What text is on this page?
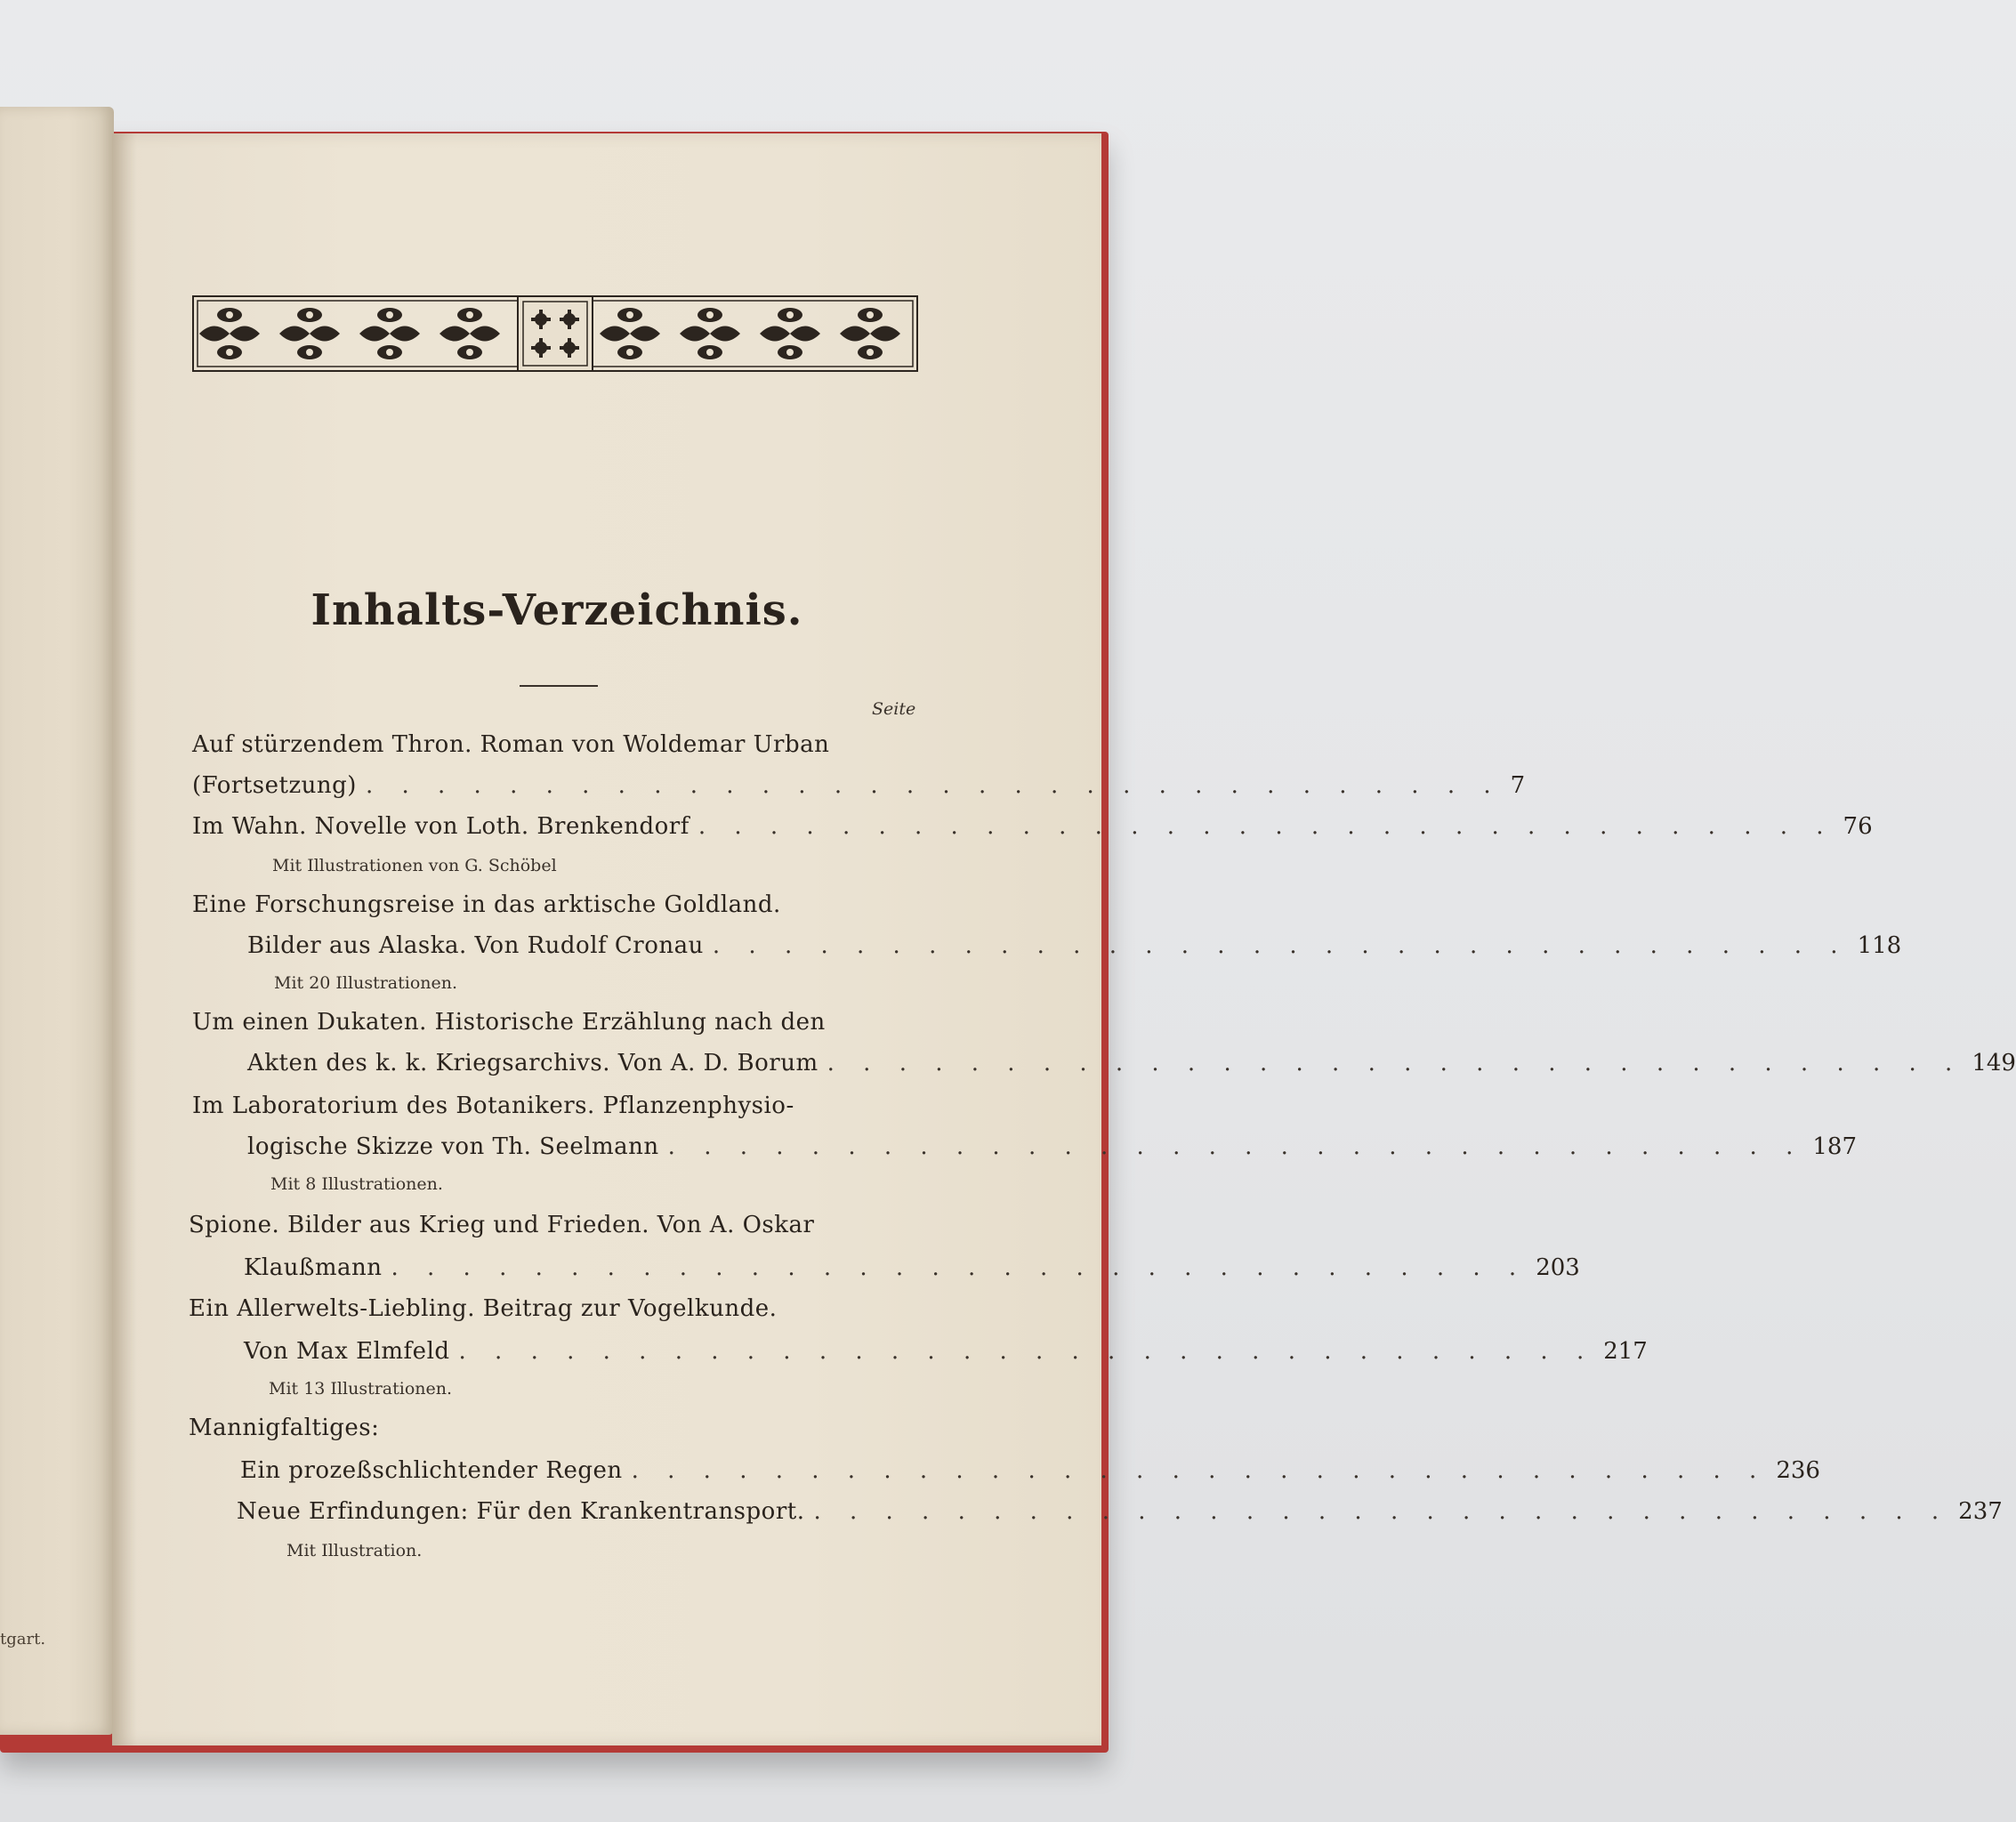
tgart.
Inhalts-Verzeichnis.
Seite
Auf stürzendem Thron. Roman von Woldemar Urban
(Fortsetzung) . . . . . . . . . . . . . . . . . . . . . . . . . . . . . . . . 7
Im Wahn. Novelle von Loth. Brenkendorf . . . . . . . . . . . . . . . . . . . . . . . . . . . . . . . . 76
Mit Illustrationen von G. Schöbel
Eine Forschungsreise in das arktische Goldland.
Bilder aus Alaska. Von Rudolf Cronau . . . . . . . . . . . . . . . . . . . . . . . . . . . . . . . . 118
Mit 20 Illustrationen.
Um einen Dukaten. Historische Erzählung nach den
Akten des k. k. Kriegsarchivs. Von A. D. Borum . . . . . . . . . . . . . . . . . . . . . . . . . . . . . . . . 149
Im Laboratorium des Botanikers. Pflanzenphysio-
logische Skizze von Th. Seelmann . . . . . . . . . . . . . . . . . . . . . . . . . . . . . . . . 187
Mit 8 Illustrationen.
Spione. Bilder aus Krieg und Frieden. Von A. Oskar
Klaußmann . . . . . . . . . . . . . . . . . . . . . . . . . . . . . . . . 203
Ein Allerwelts-Liebling. Beitrag zur Vogelkunde.
Von Max Elmfeld . . . . . . . . . . . . . . . . . . . . . . . . . . . . . . . . 217
Mit 13 Illustrationen.
Mannigfaltiges:
Ein prozeßschlichtender Regen . . . . . . . . . . . . . . . . . . . . . . . . . . . . . . . . 236
Neue Erfindungen: Für den Krankentransport. . . . . . . . . . . . . . . . . . . . . . . . . . . . . . . . . 237
Mit Illustration.
